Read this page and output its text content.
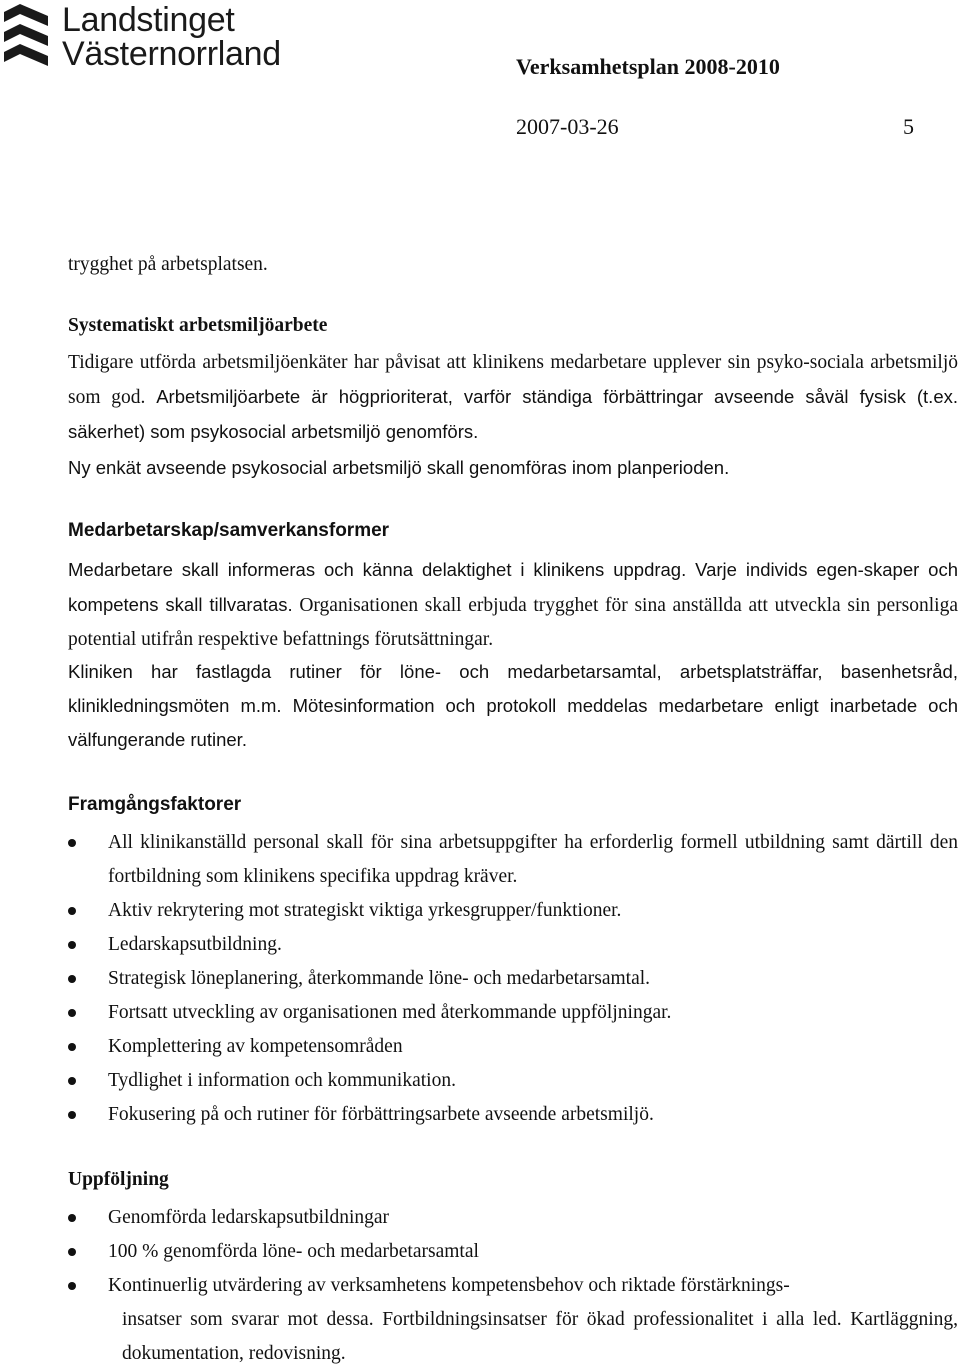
Landstinget
Västernorrland	Verksamhetsplan 2008-2010
2007-03-26	5
trygghet på arbetsplatsen.
Systematiskt arbetsmiljöarbete
Tidigare utförda arbetsmiljöenkäter har påvisat att klinikens medarbetare upplever sin psyko-sociala arbetsmiljö som god. Arbetsmiljöarbete är högprioriterat, varför ständiga förbättringar avseende såväl fysisk (t.ex. säkerhet) som psykosocial arbetsmiljö genomförs.
Ny enkät avseende psykosocial arbetsmiljö skall genomföras inom planperioden.
Medarbetarskap/samverkansformer
Medarbetare skall informeras och känna delaktighet i klinikens uppdrag. Varje individs egen-skaper och kompetens skall tillvaratas. Organisationen skall erbjuda trygghet för sina anställda att utveckla sin personliga potential utifrån respektive befattnings förutsättningar.
Kliniken har fastlagda rutiner för löne- och medarbetarsamtal, arbetsplatsträffar, basenhetsråd, klinikledningsmöten m.m. Mötesinformation och protokoll meddelas medarbetare enligt inarbetade och välfungerande rutiner.
Framgångsfaktorer
All klinikanställd personal skall för sina arbetsuppgifter ha erforderlig formell utbildning samt därtill den fortbildning som klinikens specifika uppdrag kräver.
Aktiv rekrytering mot strategiskt viktiga yrkesgrupper/funktioner.
Ledarskapsutbildning.
Strategisk löneplanering, återkommande löne- och medarbetarsamtal.
Fortsatt utveckling av organisationen med återkommande uppföljningar.
Komplettering av kompetensområden
Tydlighet i information och kommunikation.
Fokusering på och rutiner för förbättringsarbete avseende arbetsmiljö.
Uppföljning
Genomförda ledarskapsutbildningar
100 % genomförda löne- och medarbetarsamtal
Kontinuerlig utvärdering av verksamhetens kompetensbehov och riktade förstärknings-
insatser som svarar mot dessa. Fortbildningsinsatser för ökad professionalitet i alla led. Kartläggning, dokumentation, redovisning.
